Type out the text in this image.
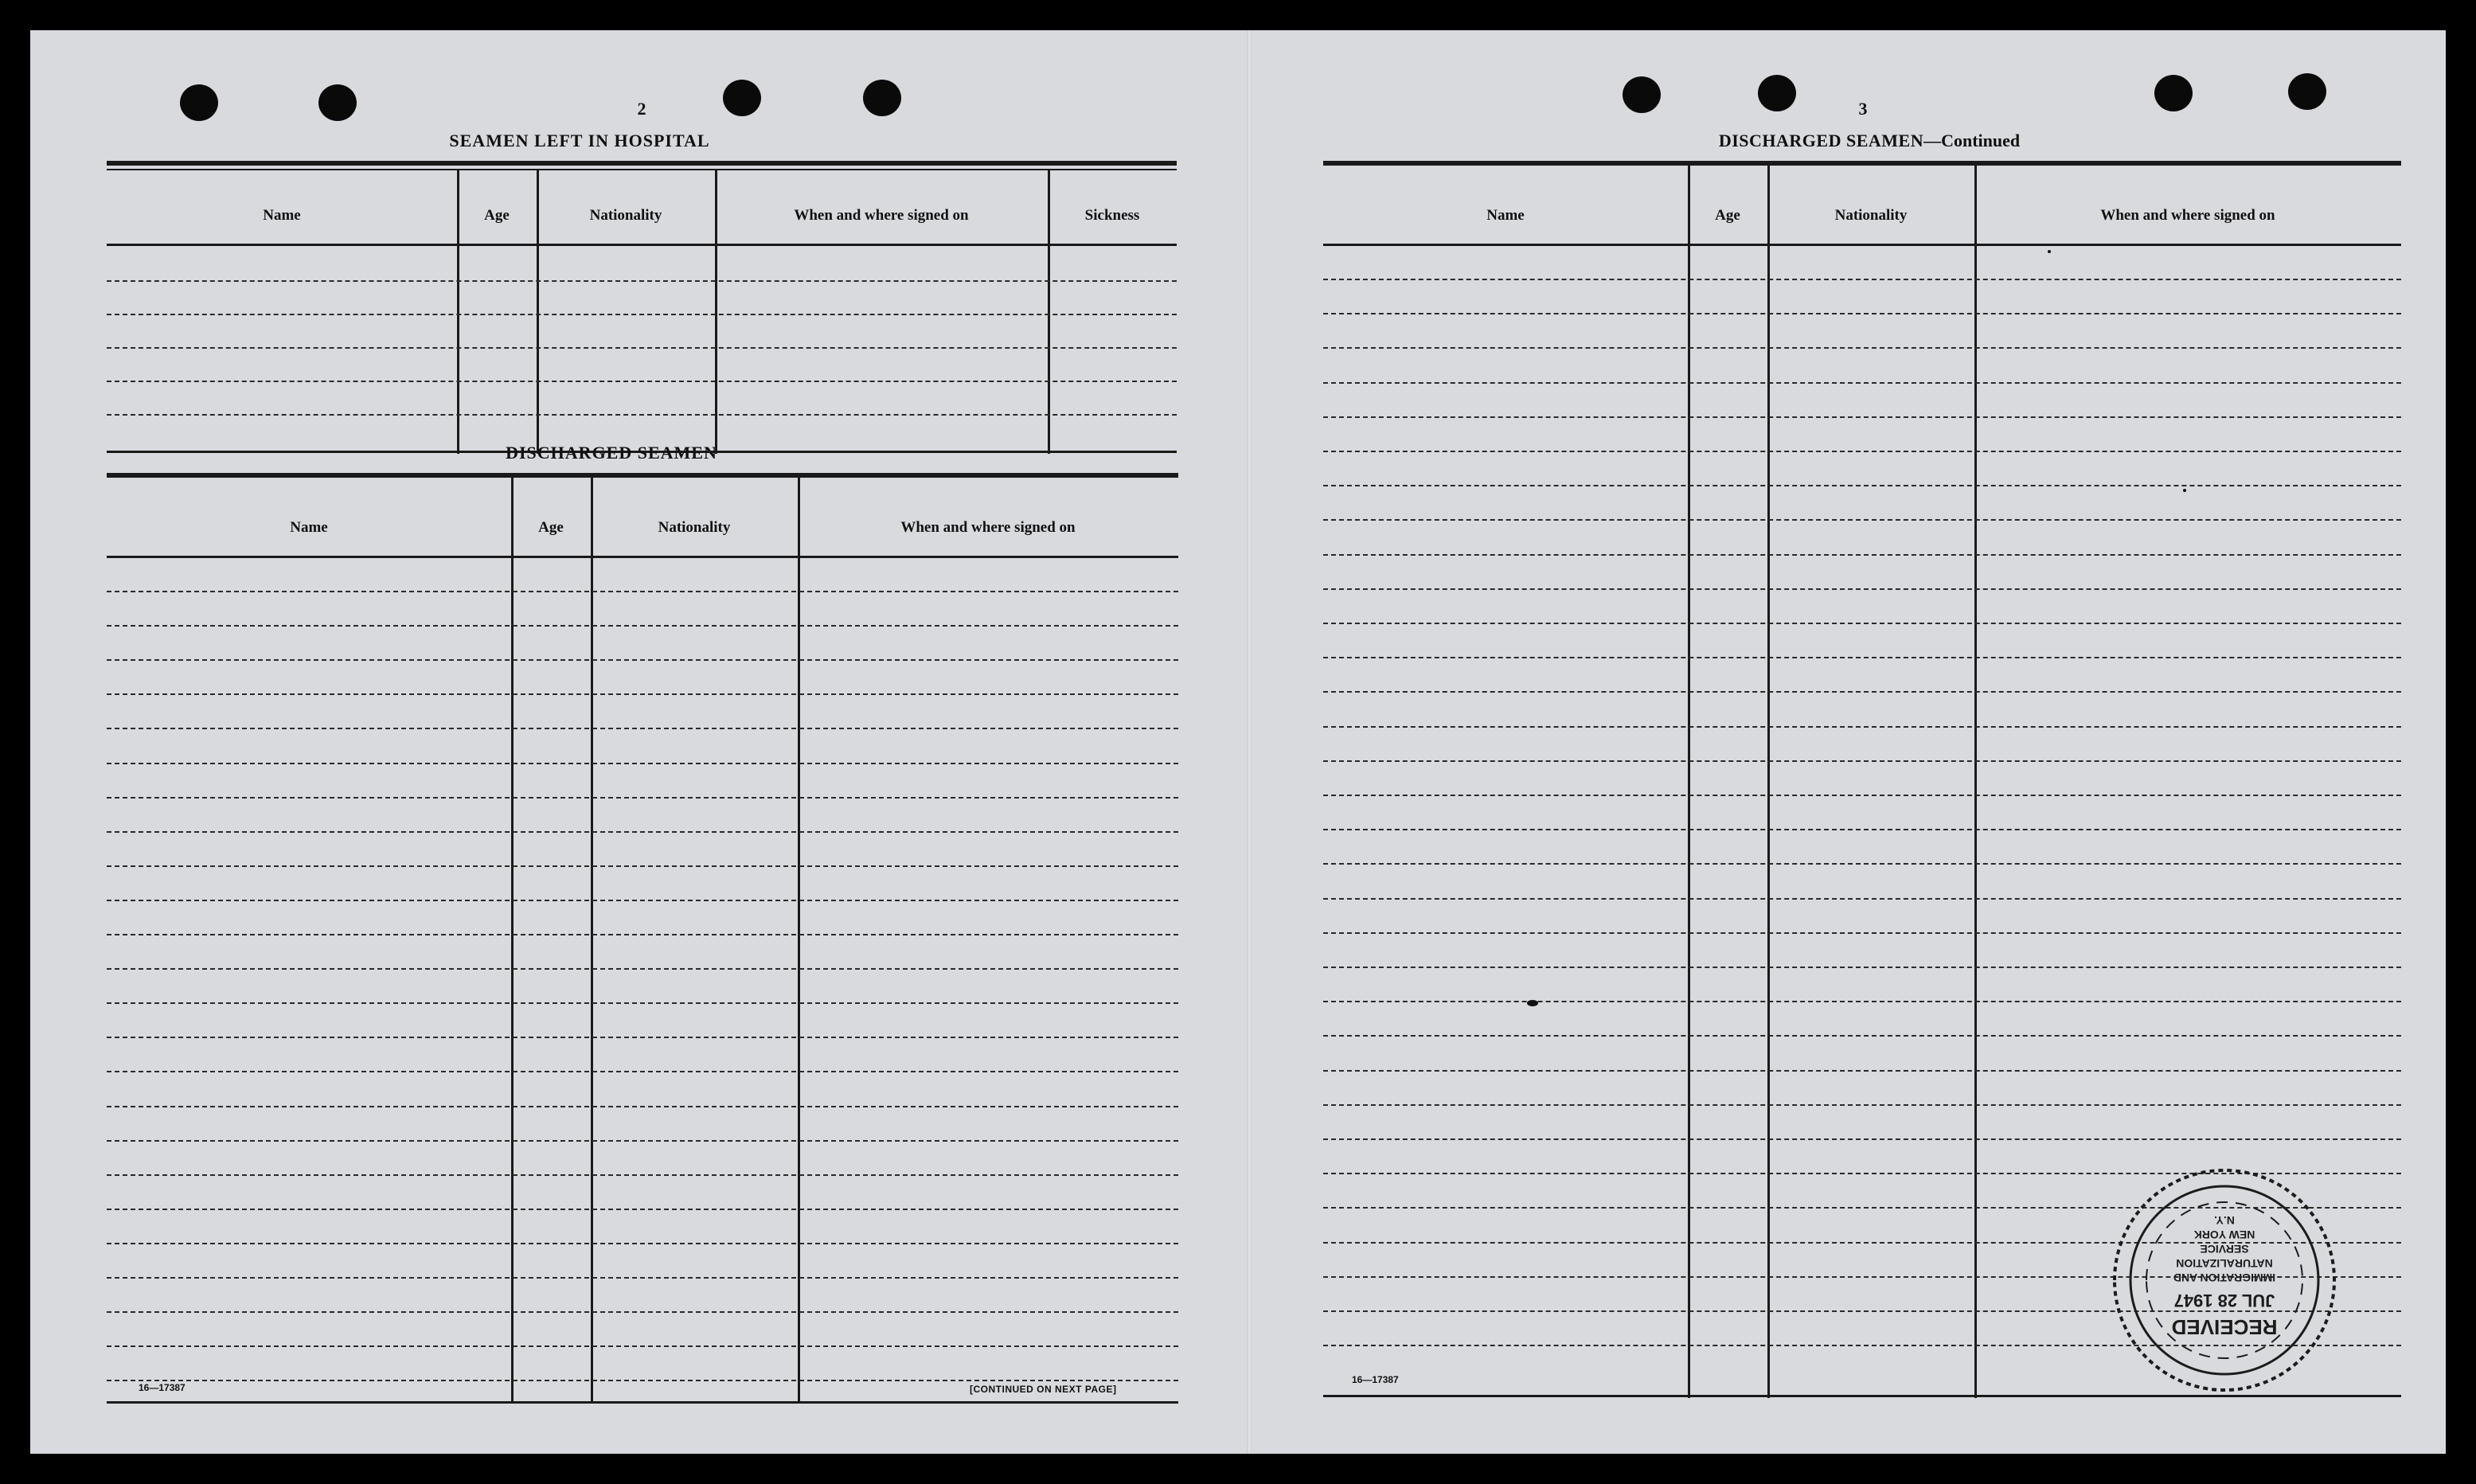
2
SEAMEN LEFT IN HOSPITAL
Name	Age	Nationality	When and where signed on	Sickness
DISCHARGED SEAMEN
Name	Age	Nationality	When and where signed on
16—17387	[CONTINUED ON NEXT PAGE]
3
DISCHARGED SEAMEN—Continued
Name	Age	Nationality	When and where signed on
16—17387
RECEIVED
JUL 28 1947
IMMIGRATION AND
NATURALIZATION
SERVICE
NEW YORK
N.Y.
